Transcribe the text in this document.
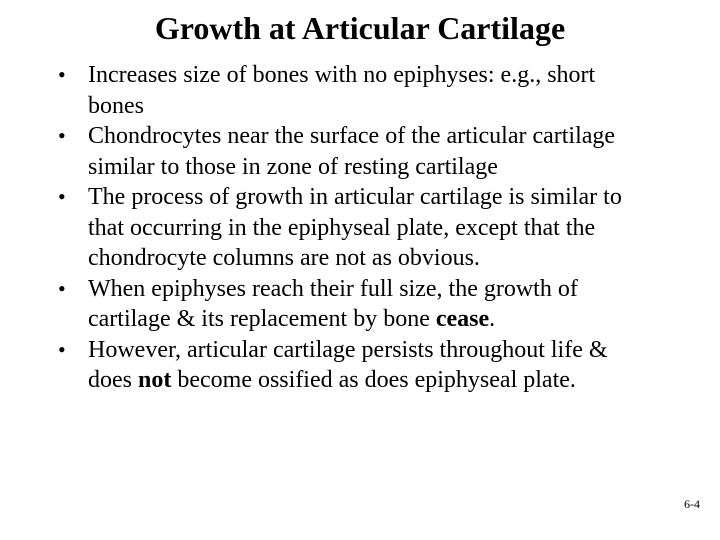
Growth at Articular Cartilage
• Increases size of bones with no epiphyses: e.g., short bones
• Chondrocytes near the surface of the articular cartilage similar to those in zone of resting cartilage
• The process of growth in articular cartilage is similar to that occurring in the epiphyseal plate, except that the chondrocyte columns are not as obvious.
• When epiphyses reach their full size, the growth of cartilage & its replacement by bone cease.
• However, articular cartilage persists throughout life & does not become ossified as does epiphyseal plate.
6-4
